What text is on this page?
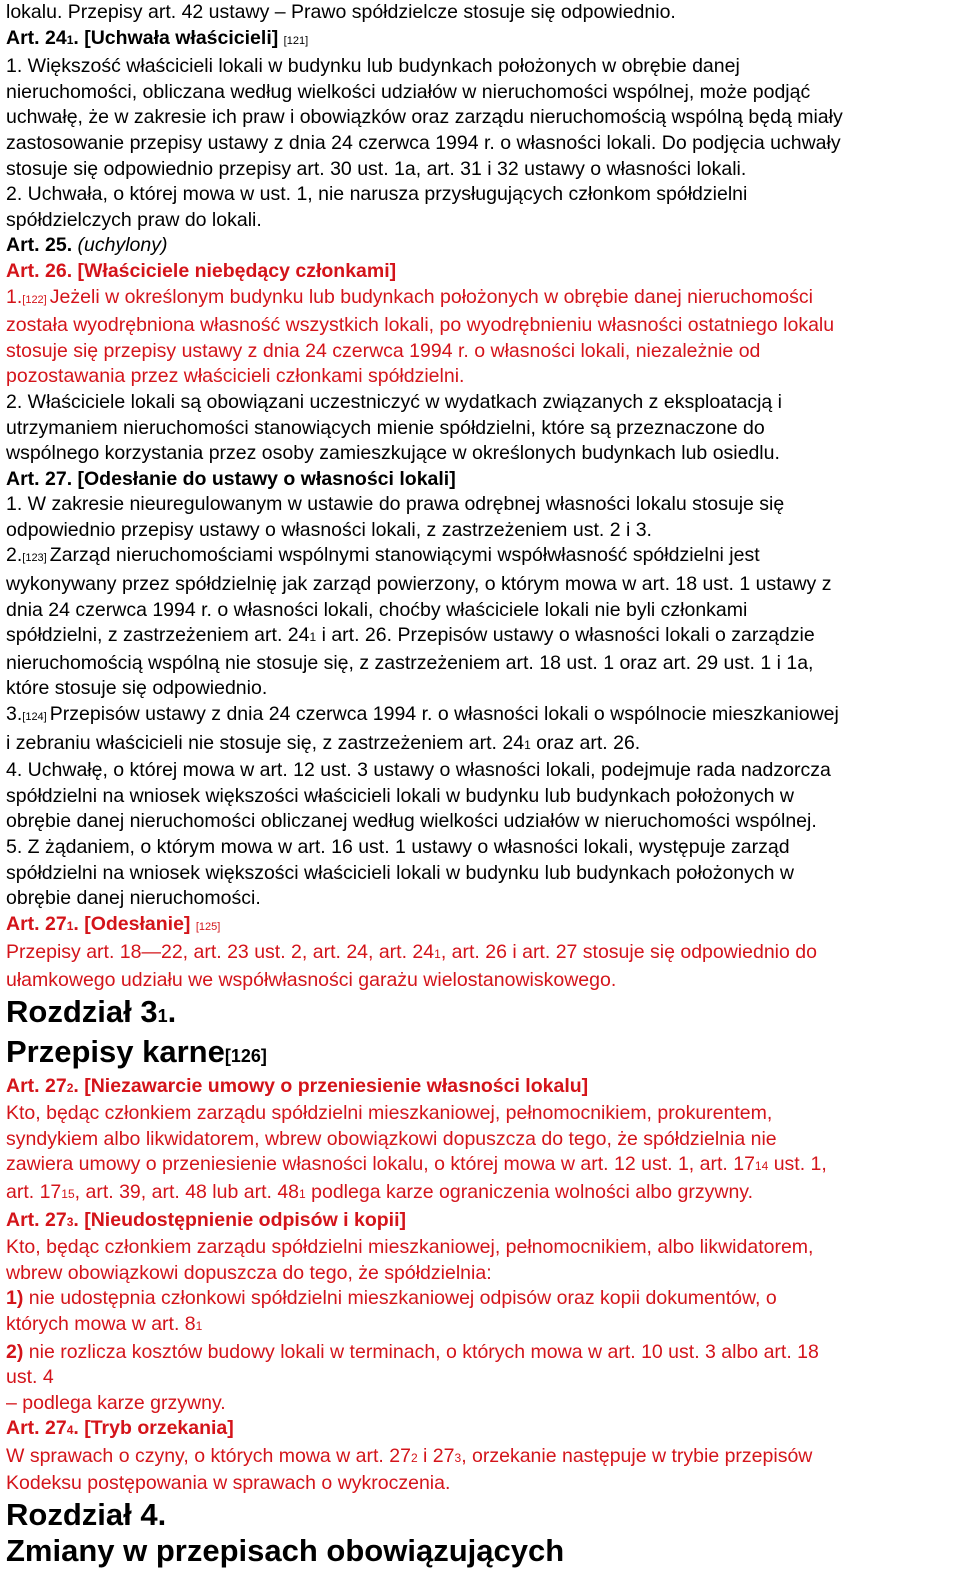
lokalu. Przepisy art. 42 ustawy – Prawo spółdzielcze stosuje się odpowiednio.
Art. 241. [Uchwała właścicieli] [121]
1. Większość właścicieli lokali w budynku lub budynkach położonych w obrębie danej
nieruchomości, obliczana według wielkości udziałów w nieruchomości wspólnej, może podjąć
uchwałę, że w zakresie ich praw i obowiązków oraz zarządu nieruchomością wspólną będą miały
zastosowanie przepisy ustawy z dnia 24 czerwca 1994 r. o własności lokali. Do podjęcia uchwały
stosuje się odpowiednio przepisy art. 30 ust. 1a, art. 31 i 32 ustawy o własności lokali.
2. Uchwała, o której mowa w ust. 1, nie narusza przysługujących członkom spółdzielni
spółdzielczych praw do lokali.
Art. 25. (uchylony)
Art. 26. [Właściciele niebędący członkami]
1.[122] Jeżeli w określonym budynku lub budynkach położonych w obrębie danej nieruchomości
została wyodrębniona własność wszystkich lokali, po wyodrębnieniu własności ostatniego lokalu
stosuje się przepisy ustawy z dnia 24 czerwca 1994 r. o własności lokali, niezależnie od
pozostawania przez właścicieli członkami spółdzielni.
2. Właściciele lokali są obowiązani uczestniczyć w wydatkach związanych z eksploatacją i
utrzymaniem nieruchomości stanowiących mienie spółdzielni, które są przeznaczone do
wspólnego korzystania przez osoby zamieszkujące w określonych budynkach lub osiedlu.
Art. 27. [Odesłanie do ustawy o własności lokali]
1. W zakresie nieuregulowanym w ustawie do prawa odrębnej własności lokalu stosuje się
odpowiednio przepisy ustawy o własności lokali, z zastrzeżeniem ust. 2 i 3.
2.[123] Zarząd nieruchomościami wspólnymi stanowiącymi współwłasność spółdzielni jest
wykonywany przez spółdzielnię jak zarząd powierzony, o którym mowa w art. 18 ust. 1 ustawy z
dnia 24 czerwca 1994 r. o własności lokali, choćby właściciele lokali nie byli członkami
spółdzielni, z zastrzeżeniem art. 241 i art. 26. Przepisów ustawy o własności lokali o zarządzie
nieruchomością wspólną nie stosuje się, z zastrzeżeniem art. 18 ust. 1 oraz art. 29 ust. 1 i 1a,
które stosuje się odpowiednio.
3.[124] Przepisów ustawy z dnia 24 czerwca 1994 r. o własności lokali o wspólnocie mieszkaniowej
i zebraniu właścicieli nie stosuje się, z zastrzeżeniem art. 241 oraz art. 26.
4. Uchwałę, o której mowa w art. 12 ust. 3 ustawy o własności lokali, podejmuje rada nadzorcza
spółdzielni na wniosek większości właścicieli lokali w budynku lub budynkach położonych w
obrębie danej nieruchomości obliczanej według wielkości udziałów w nieruchomości wspólnej.
5. Z żądaniem, o którym mowa w art. 16 ust. 1 ustawy o własności lokali, występuje zarząd
spółdzielni na wniosek większości właścicieli lokali w budynku lub budynkach położonych w
obrębie danej nieruchomości.
Art. 271. [Odesłanie] [125]
Przepisy art. 18—22, art. 23 ust. 2, art. 24, art. 241, art. 26 i art. 27 stosuje się odpowiednio do
ułamkowego udziału we współwłasności garażu wielostanowiskowego.
Rozdział 31.
Przepisy karne[126]
Art. 272. [Niezawarcie umowy o przeniesienie własności lokalu]
Kto, będąc członkiem zarządu spółdzielni mieszkaniowej, pełnomocnikiem, prokurentem,
syndykiem albo likwidatorem, wbrew obowiązkowi dopuszcza do tego, że spółdzielnia nie
zawiera umowy o przeniesienie własności lokalu, o której mowa w art. 12 ust. 1, art. 1714 ust. 1,
art. 1715, art. 39, art. 48 lub art. 481 podlega karze ograniczenia wolności albo grzywny.
Art. 273. [Nieudostępnienie odpisów i kopii]
Kto, będąc członkiem zarządu spółdzielni mieszkaniowej, pełnomocnikiem, albo likwidatorem,
wbrew obowiązkowi dopuszcza do tego, że spółdzielnia:
1) nie udostępnia członkowi spółdzielni mieszkaniowej odpisów oraz kopii dokumentów, o
których mowa w art. 81
2) nie rozlicza kosztów budowy lokali w terminach, o których mowa w art. 10 ust. 3 albo art. 18
ust. 4
– podlega karze grzywny.
Art. 274. [Tryb orzekania]
W sprawach o czyny, o których mowa w art. 272 i 273, orzekanie następuje w trybie przepisów
Kodeksu postępowania w sprawach o wykroczenia.
Rozdział 4.
Zmiany w przepisach obowiązujących
